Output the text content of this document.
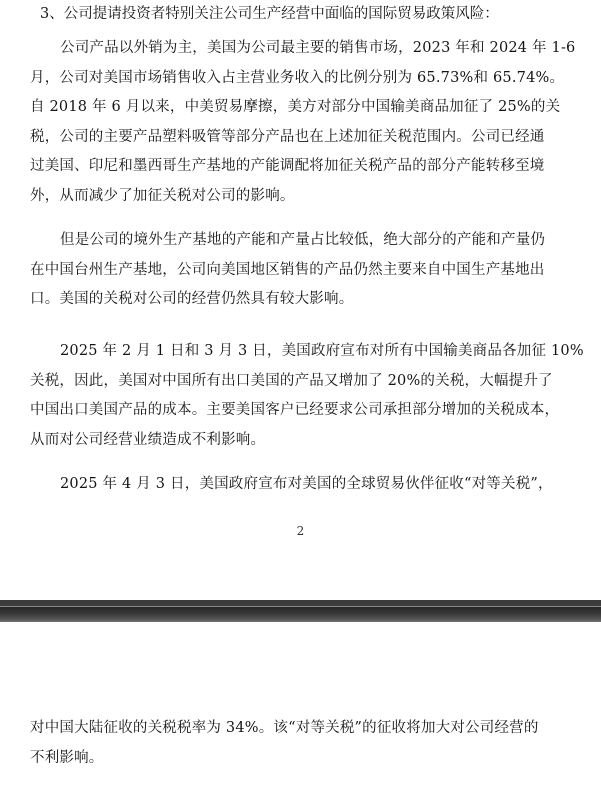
3、公司提请投资者特别关注公司生产经营中面临的国际贸易政策风险：
公司产品以外销为主，美国为公司最主要的销售市场，2023 年和 2024 年 1-6
月，公司对美国市场销售收入占主营业务收入的比例分别为 65.73%和 65.74%。
自 2018 年 6 月以来，中美贸易摩擦，美方对部分中国输美商品加征了 25%的关
税，公司的主要产品塑料吸管等部分产品也在上述加征关税范围内。公司已经通
过美国、印尼和墨西哥生产基地的产能调配将加征关税产品的部分产能转移至境
外，从而减少了加征关税对公司的影响。
但是公司的境外生产基地的产能和产量占比较低，绝大部分的产能和产量仍
在中国台州生产基地，公司向美国地区销售的产品仍然主要来自中国生产基地出
口。美国的关税对公司的经营仍然具有较大影响。
2025 年 2 月 1 日和 3 月 3 日，美国政府宣布对所有中国输美商品各加征 10%
关税，因此，美国对中国所有出口美国的产品又增加了 20%的关税，大幅提升了
中国出口美国产品的成本。主要美国客户已经要求公司承担部分增加的关税成本，
从而对公司经营业绩造成不利影响。
2025 年 4 月 3 日，美国政府宣布对美国的全球贸易伙伴征收“对等关税”，
2
对中国大陆征收的关税税率为 34%。该“对等关税”的征收将加大对公司经营的
不利影响。
